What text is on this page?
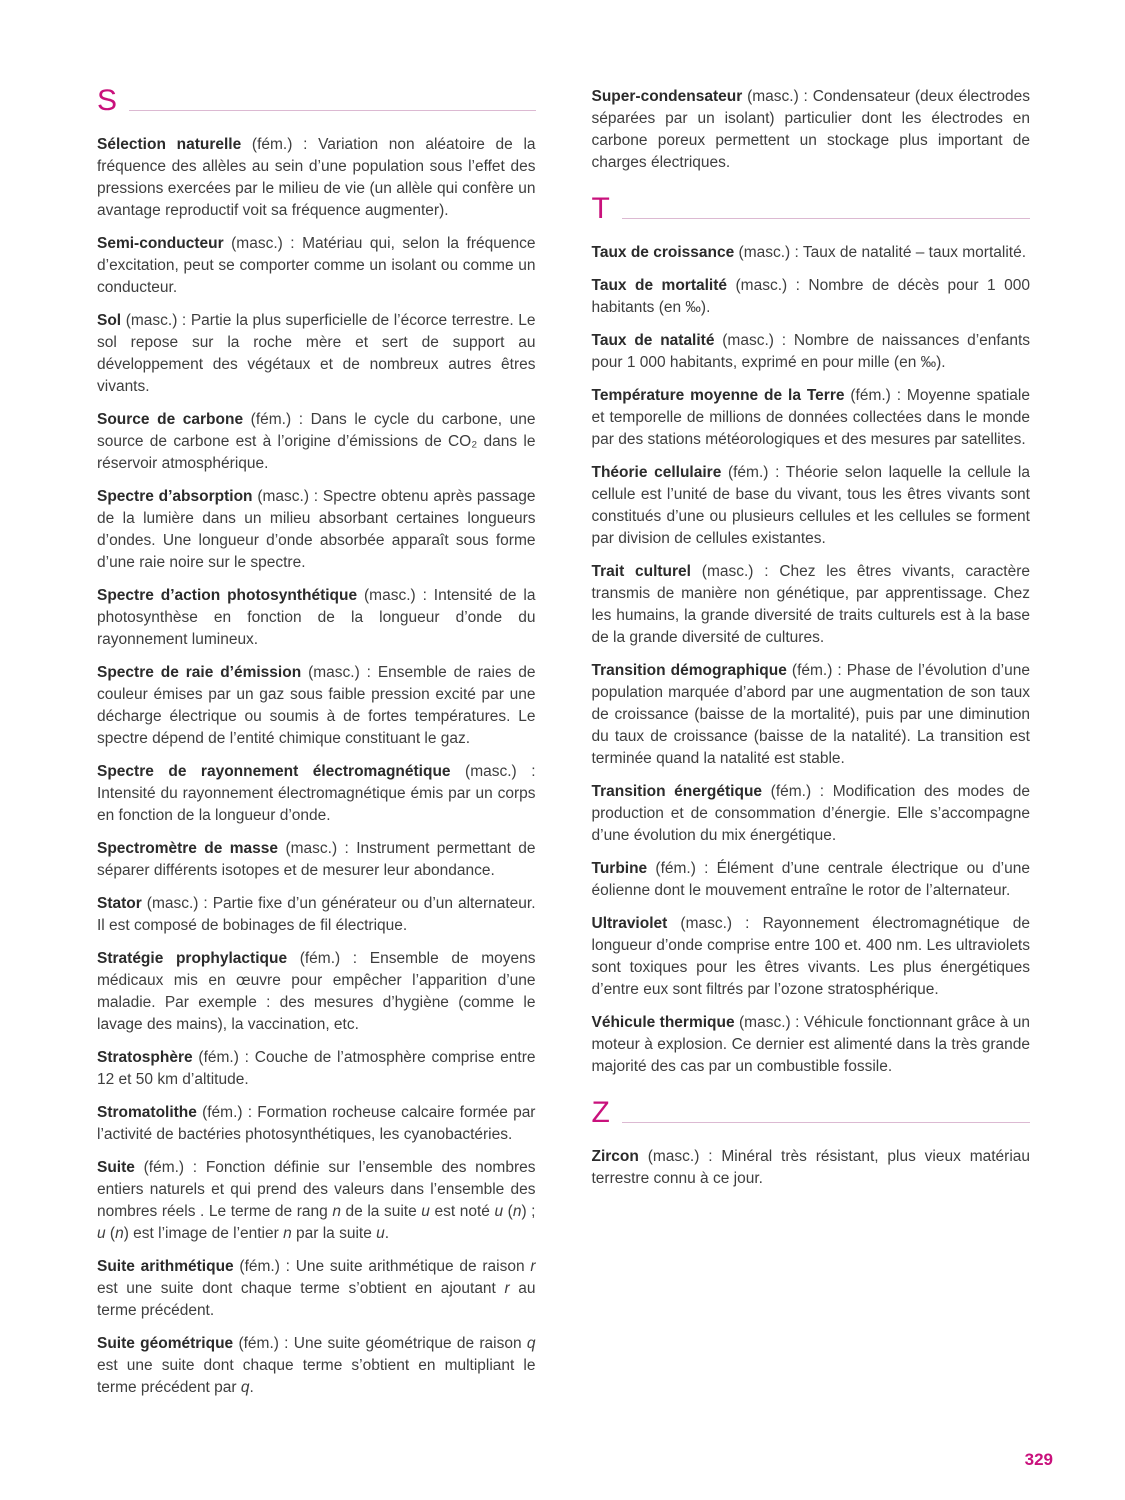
S

Sélection naturelle (fém.) : Variation non aléatoire de la fréquence des allèles au sein d’une population sous l’effet des pressions exercées par le milieu de vie (un allèle qui confère un avantage reproductif voit sa fréquence augmenter).

Semi-conducteur (masc.) : Matériau qui, selon la fréquence d’excitation, peut se comporter comme un isolant ou comme un conducteur.

Sol (masc.) : Partie la plus superficielle de l’écorce terrestre. Le sol repose sur la roche mère et sert de support au développement des végétaux et de nombreux autres êtres vivants.

Source de carbone (fém.) : Dans le cycle du carbone, une source de carbone est à l’origine d’émissions de CO₂ dans le réservoir atmosphérique.

Spectre d’absorption (masc.) : Spectre obtenu après passage de la lumière dans un milieu absorbant certaines longueurs d’ondes. Une longueur d’onde absorbée apparaît sous forme d’une raie noire sur le spectre.

Spectre d’action photosynthétique (masc.) : Intensité de la photosynthèse en fonction de la longueur d’onde du rayonnement lumineux.

Spectre de raie d’émission (masc.) : Ensemble de raies de couleur émises par un gaz sous faible pression excité par une décharge électrique ou soumis à de fortes températures. Le spectre dépend de l’entité chimique constituant le gaz.

Spectre de rayonnement électromagnétique (masc.) : Intensité du rayonnement électromagnétique émis par un corps en fonction de la longueur d’onde.

Spectromètre de masse (masc.) : Instrument permettant de séparer différents isotopes et de mesurer leur abondance.

Stator (masc.) : Partie fixe d’un générateur ou d’un alternateur. Il est composé de bobinages de fil électrique.

Stratégie prophylactique (fém.) : Ensemble de moyens médicaux mis en œuvre pour empêcher l’apparition d’une maladie. Par exemple : des mesures d’hygiène (comme le lavage des mains), la vaccination, etc.

Stratosphère (fém.) : Couche de l’atmosphère comprise entre 12 et 50 km d’altitude.

Stromatolithe (fém.) : Formation rocheuse calcaire formée par l’activité de bactéries photosynthétiques, les cyanobactéries.

Suite (fém.) : Fonction définie sur l’ensemble des nombres entiers naturels et qui prend des valeurs dans l’ensemble des nombres réels . Le terme de rang n de la suite u est noté u (n) ; u (n) est l’image de l’entier n par la suite u.

Suite arithmétique (fém.) : Une suite arithmétique de raison r est une suite dont chaque terme s’obtient en ajoutant r au terme précédent.

Suite géométrique (fém.) : Une suite géométrique de raison q est une suite dont chaque terme s’obtient en multipliant le terme précédent par q.

Super-condensateur (masc.) : Condensateur (deux électrodes séparées par un isolant) particulier dont les électrodes en carbone poreux permettent un stockage plus important de charges électriques.

T

Taux de croissance (masc.) : Taux de natalité – taux mortalité.

Taux de mortalité (masc.) : Nombre de décès pour 1 000 habitants (en ‰).

Taux de natalité (masc.) : Nombre de naissances d’enfants pour 1 000 habitants, exprimé en pour mille (en ‰).

Température moyenne de la Terre (fém.) : Moyenne spatiale et temporelle de millions de données collectées dans le monde par des stations météorologiques et des mesures par satellites.

Théorie cellulaire (fém.) : Théorie selon laquelle la cellule la cellule est l’unité de base du vivant, tous les êtres vivants sont constitués d’une ou plusieurs cellules et les cellules se forment par division de cellules existantes.

Trait culturel (masc.) : Chez les êtres vivants, caractère transmis de manière non génétique, par apprentissage. Chez les humains, la grande diversité de traits culturels est à la base de la grande diversité de cultures.

Transition démographique (fém.) : Phase de l’évolution d’une population marquée d’abord par une augmentation de son taux de croissance (baisse de la mortalité), puis par une diminution du taux de croissance (baisse de la natalité). La transition est terminée quand la natalité est stable.

Transition énergétique (fém.) : Modification des modes de production et de consommation d’énergie. Elle s’accompagne d’une évolution du mix énergétique.

Turbine (fém.) : Élément d’une centrale électrique ou d’une éolienne dont le mouvement entraîne le rotor de l’alternateur.

Ultraviolet (masc.) : Rayonnement électromagnétique de longueur d’onde comprise entre 100 et. 400 nm. Les ultraviolets sont toxiques pour les êtres vivants. Les plus énergétiques d’entre eux sont filtrés par l’ozone stratosphérique.

Véhicule thermique (masc.) : Véhicule fonctionnant grâce à un moteur à explosion. Ce dernier est alimenté dans la très grande majorité des cas par un combustible fossile.

Z

Zircon (masc.) : Minéral très résistant, plus vieux matériau terrestre connu à ce jour.

329
